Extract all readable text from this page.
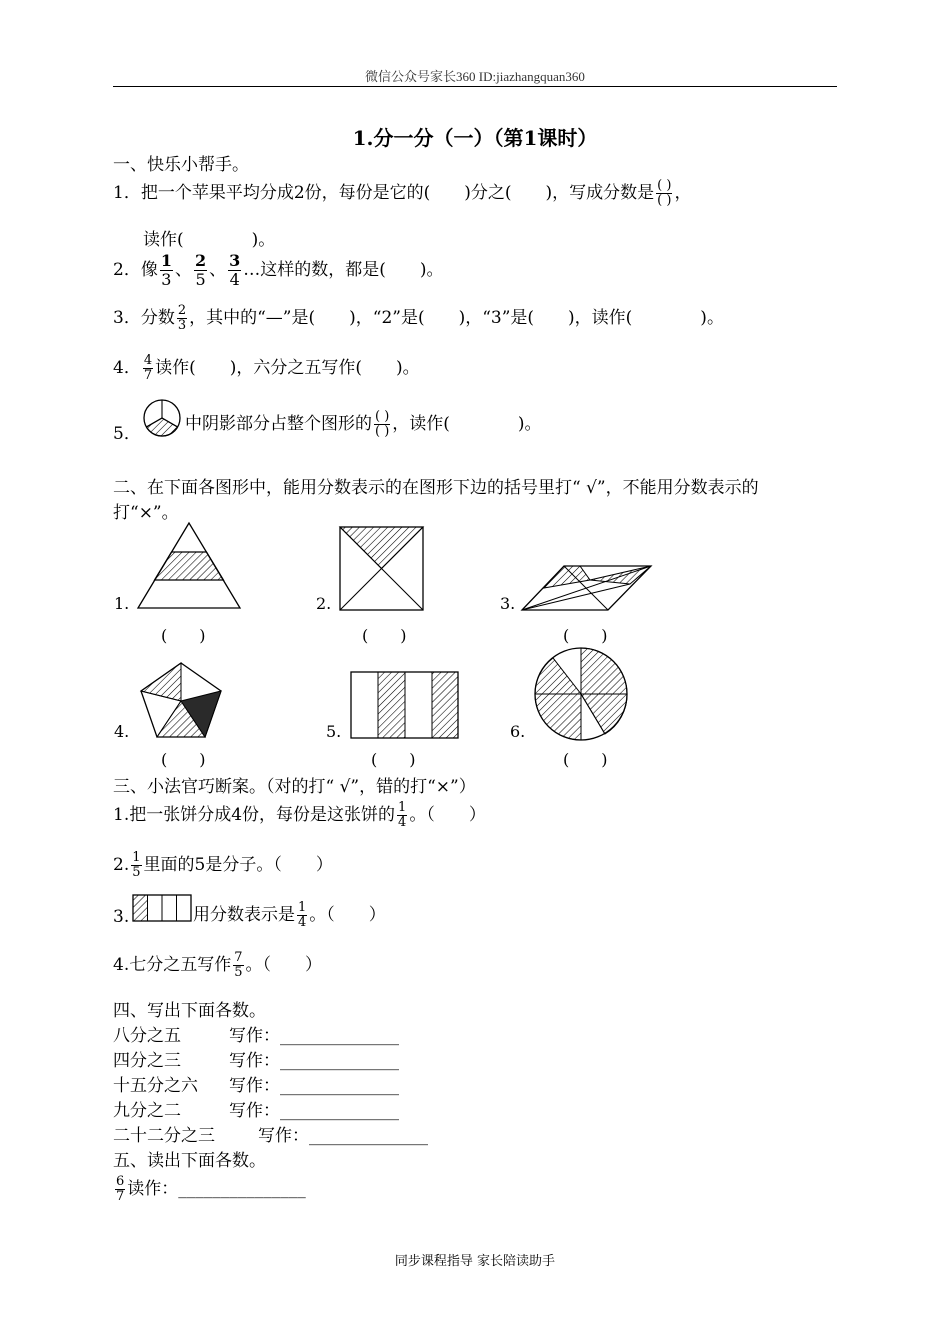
微信公众号家长360 ID:jiazhangquan360
1.分一分（一）（第1课时）
一、快乐小帮手。
1．把一个苹果平均分成2份，每份是它的(　　)分之(　　)，写成分数是 $\frac{( )}{( )}$ ，
读作(　　　　)。
2．像 $\frac{1}{3}$ 、 $\frac{2}{5}$ 、 $\frac{3}{4}$ …这样的数，都是(　　)。
3．分数 $\frac{2}{3}$ ，其中的“—”是(　　)，“2”是(　　)，“3”是(　　)，读作(　　　　)。
4． $\frac{4}{7}$ 读作(　　)，六分之五写作(　　)。
5．	中阴影部分占整个图形的 $\frac{( )}{( )}$ ，读作(　　　　)。
二、在下面各图形中，能用分数表示的在图形下边的括号里打“ √”，不能用分数表示的
打“×”。
1.
(　　)
2.
(　　)
3.
(　　)
4.
(　　)
5.
(　　)
6.
(　　)
三、小法官巧断案。（对的打“ √”，错的打“×”）
1.把一张饼分成4份，每份是这张饼的 $\frac{1}{4}$ 。（　　）
2. $\frac{1}{5}$ 里面的5是分子。（　　）
3.	用分数表示是 $\frac{1}{4}$ 。（　　）
4.七分之五写作 $\frac{7}{5}$ 。（　　）
四、写出下面各数。
八分之五	写作：______________
四分之三	写作：______________
十五分之六 写作：______________
九分之二	写作：______________
二十二分之三	写作：______________
五、读出下面各数。
$\frac{6}{7}$ 读作：_______________
同步课程指导 家长陪读助手
